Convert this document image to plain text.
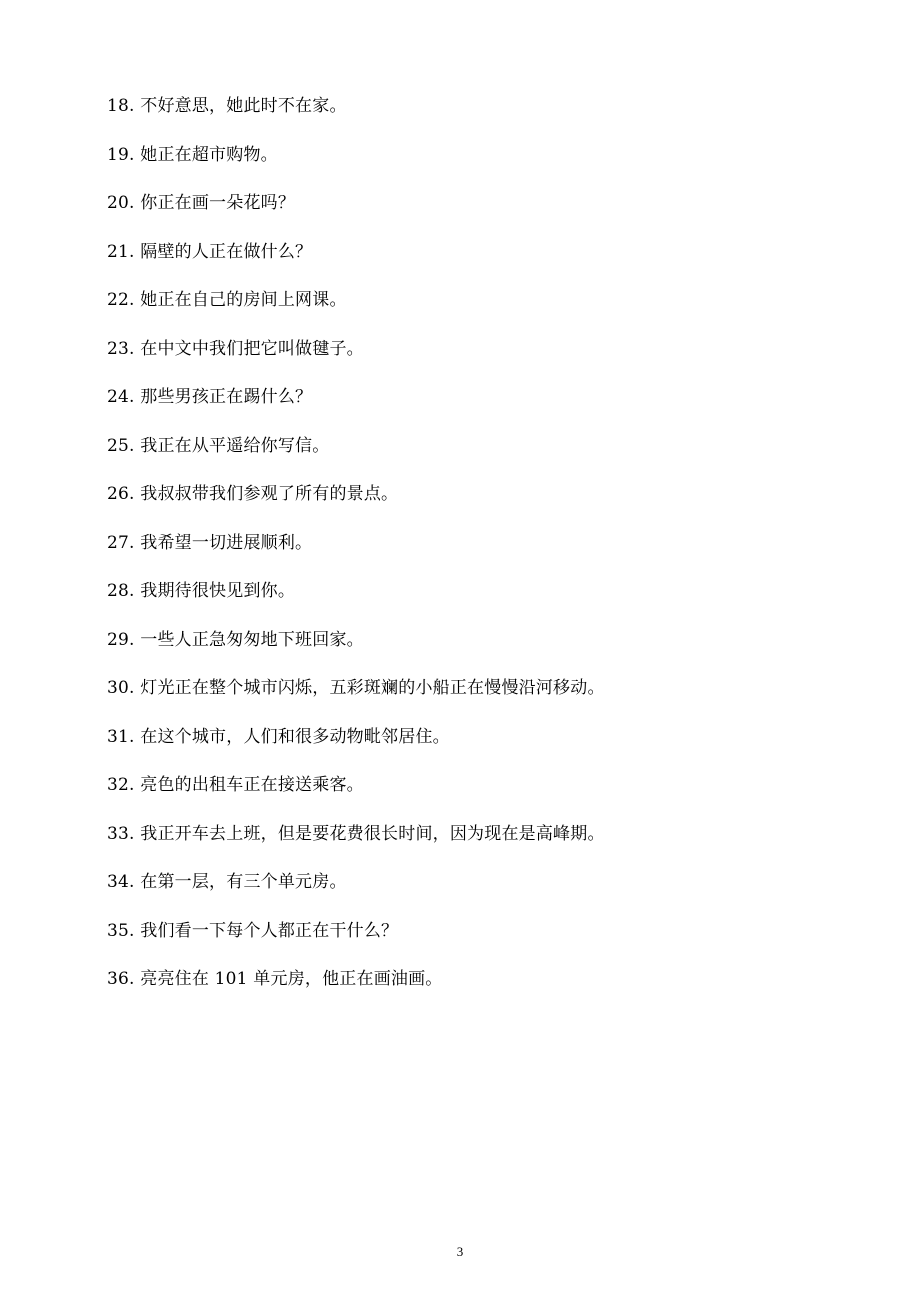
18. 不好意思，她此时不在家。
19. 她正在超市购物。
20. 你正在画一朵花吗？
21. 隔壁的人正在做什么？
22. 她正在自己的房间上网课。
23. 在中文中我们把它叫做毽子。
24. 那些男孩正在踢什么？
25. 我正在从平遥给你写信。
26. 我叔叔带我们参观了所有的景点。
27. 我希望一切进展顺利。
28. 我期待很快见到你。
29. 一些人正急匆匆地下班回家。
30. 灯光正在整个城市闪烁，五彩斑斓的小船正在慢慢沿河移动。
31. 在这个城市，人们和很多动物毗邻居住。
32. 亮色的出租车正在接送乘客。
33. 我正开车去上班，但是要花费很长时间，因为现在是高峰期。
34. 在第一层，有三个单元房。
35. 我们看一下每个人都正在干什么？
36. 亮亮住在 101 单元房，他正在画油画。
3
